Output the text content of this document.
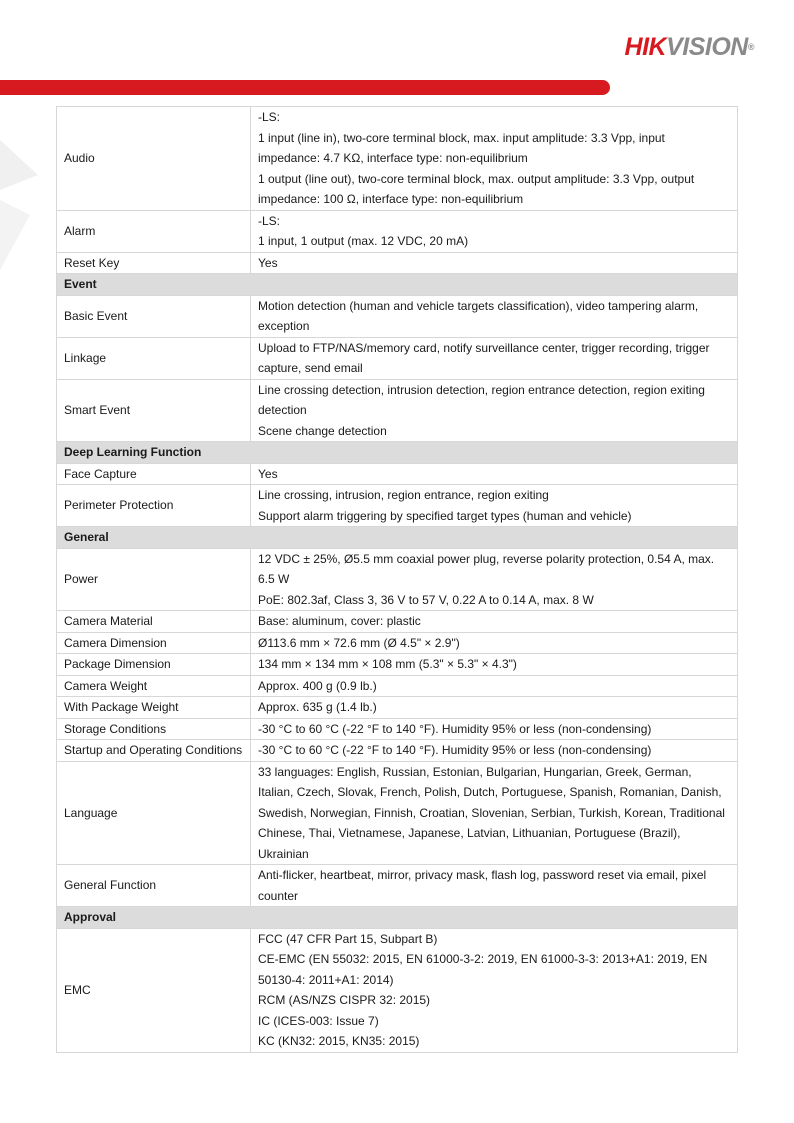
HIKVISION®
Audio	-LS:
1 input (line in), two-core terminal block, max. input amplitude: 3.3 Vpp, input impedance: 4.7 KΩ, interface type: non-equilibrium
1 output (line out), two-core terminal block, max. output amplitude: 3.3 Vpp, output impedance: 100 Ω, interface type: non-equilibrium

Alarm	-LS:
1 input, 1 output (max. 12 VDC, 20 mA)

Reset Key	Yes

Event	
Basic Event	Motion detection (human and vehicle targets classification), video tampering alarm, exception

Linkage	Upload to FTP/NAS/memory card, notify surveillance center, trigger recording, trigger capture, send email

Smart Event	Line crossing detection, intrusion detection, region entrance detection, region exiting detection
Scene change detection

Deep Learning Function	
Face Capture	Yes

Perimeter Protection	Line crossing, intrusion, region entrance, region exiting
Support alarm triggering by specified target types (human and vehicle)

General	
Power	12 VDC ± 25%, Ø5.5 mm coaxial power plug, reverse polarity protection, 0.54 A, max. 6.5 W
PoE: 802.3af, Class 3, 36 V to 57 V, 0.22 A to 0.14 A, max. 8 W

Camera Material	Base: aluminum, cover: plastic

Camera Dimension	Ø113.6 mm × 72.6 mm (Ø 4.5" × 2.9")

Package Dimension	134 mm × 134 mm × 108 mm (5.3" × 5.3" × 4.3")

Camera Weight	Approx. 400 g (0.9 lb.)

With Package Weight	Approx. 635 g (1.4 lb.)

Storage Conditions	-30 °C to 60 °C (-22 °F to 140 °F). Humidity 95% or less (non-condensing)

Startup and Operating Conditions	-30 °C to 60 °C (-22 °F to 140 °F). Humidity 95% or less (non-condensing)

Language	33 languages: English, Russian, Estonian, Bulgarian, Hungarian, Greek, German, Italian, Czech, Slovak, French, Polish, Dutch, Portuguese, Spanish, Romanian, Danish, Swedish, Norwegian, Finnish, Croatian, Slovenian, Serbian, Turkish, Korean, Traditional Chinese, Thai, Vietnamese, Japanese, Latvian, Lithuanian, Portuguese (Brazil), Ukrainian

General Function	Anti-flicker, heartbeat, mirror, privacy mask, flash log, password reset via email, pixel counter

Approval	
EMC	FCC (47 CFR Part 15, Subpart B)
CE-EMC (EN 55032: 2015, EN 61000-3-2: 2019, EN 61000-3-3: 2013+A1: 2019, EN 50130-4: 2011+A1: 2014)
RCM (AS/NZS CISPR 32: 2015)
IC (ICES-003: Issue 7)
KC (KN32: 2015, KN35: 2015)
